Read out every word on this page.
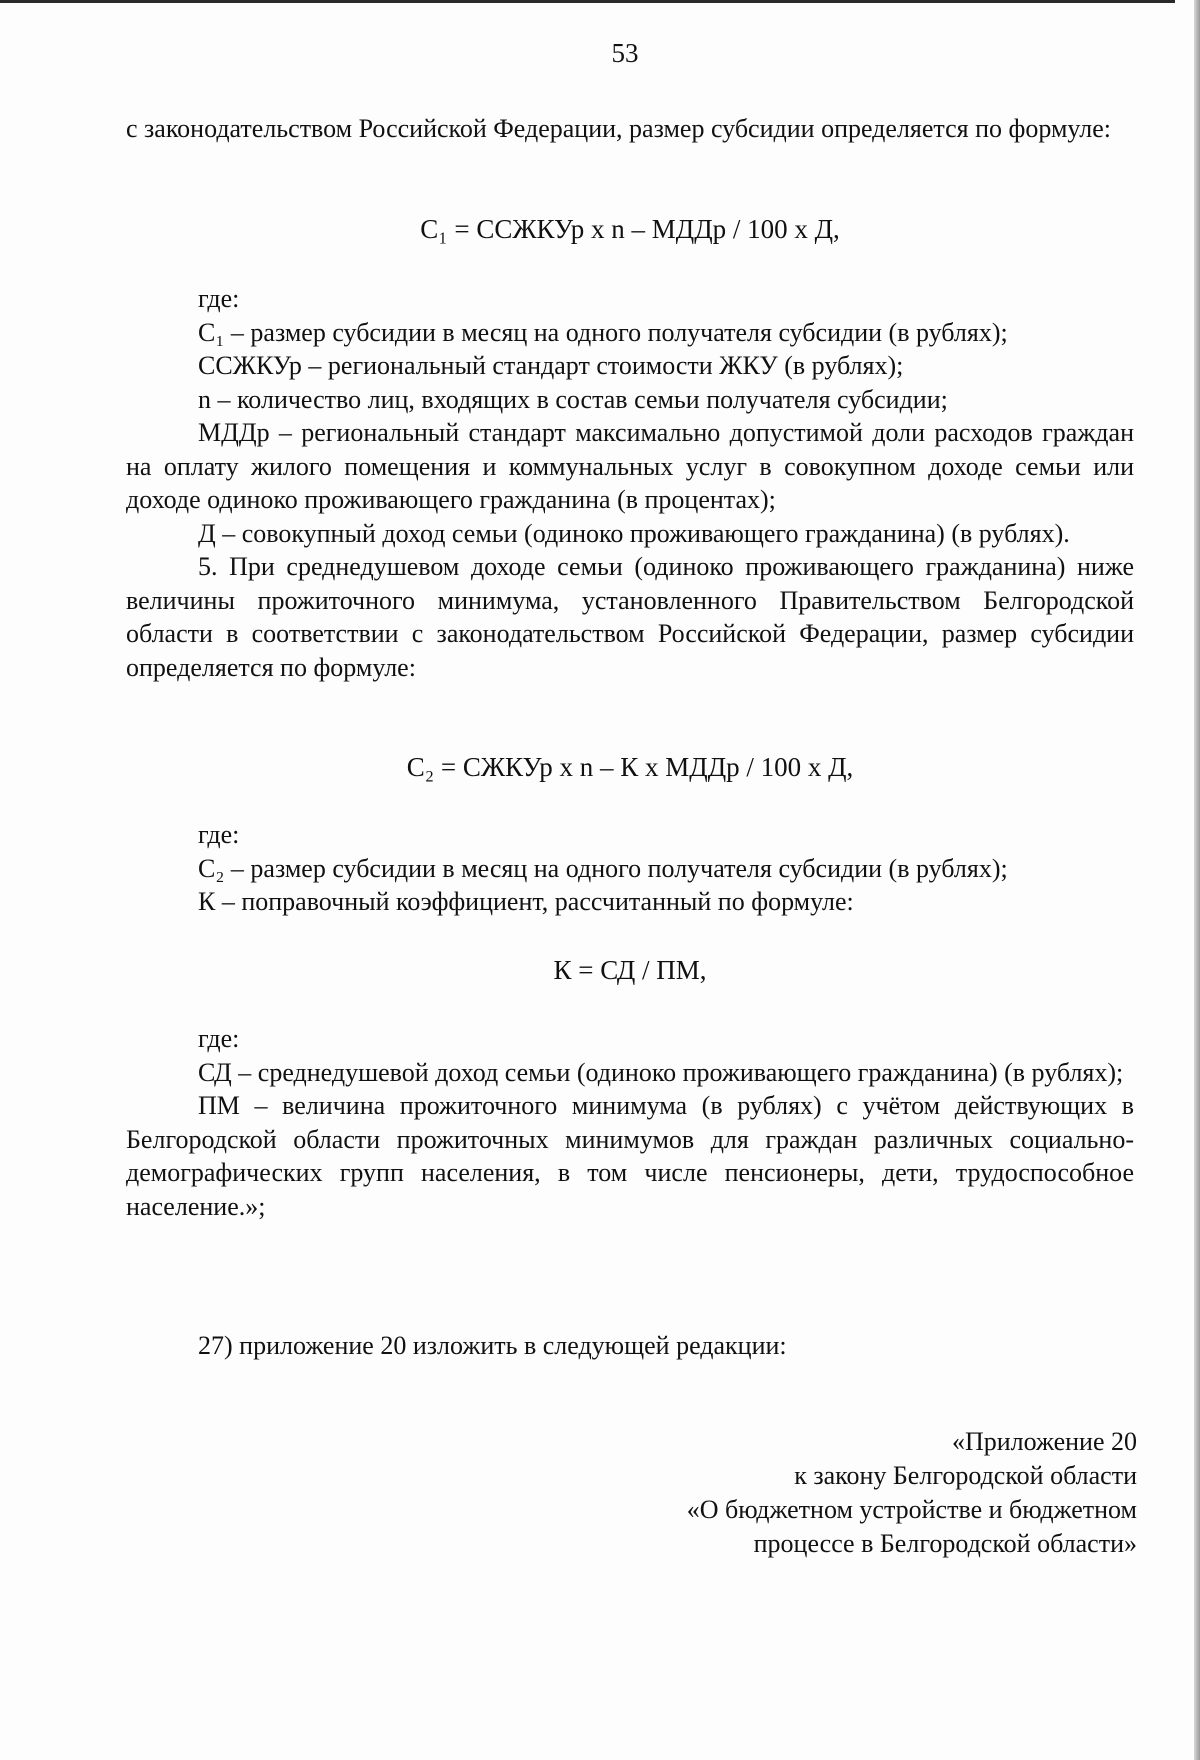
53

с законодательством Российской Федерации, размер субсидии определяется по формуле:

С₁ = ССЖКУр х n – МДДр / 100 х Д,

где:

С₁ – размер субсидии в месяц на одного получателя субсидии (в рублях);

ССЖКУр – региональный стандарт стоимости ЖКУ (в рублях);

n – количество лиц, входящих в состав семьи получателя субсидии;

МДДр – региональный стандарт максимально допустимой доли расходов граждан на оплату жилого помещения и коммунальных услуг в совокупном доходе семьи или доходе одиноко проживающего гражданина (в процентах);

Д – совокупный доход семьи (одиноко проживающего гражданина) (в рублях).

5. При среднедушевом доходе семьи (одиноко проживающего гражданина) ниже величины прожиточного минимума, установленного Правительством Белгородской области в соответствии с законодательством Российской Федерации, размер субсидии определяется по формуле:

С₂ = СЖКУр х n – К х МДДр / 100 х Д,

где:

С₂ – размер субсидии в месяц на одного получателя субсидии (в рублях);

К – поправочный коэффициент, рассчитанный по формуле:

К = СД / ПМ,

где:

СД – среднедушевой доход семьи (одиноко проживающего гражданина) (в рублях);

ПМ – величина прожиточного минимума (в рублях) с учётом действующих в Белгородской области прожиточных минимумов для граждан различных социально-демографических групп населения, в том числе пенсионеры, дети, трудоспособное население.»;

27) приложение 20 изложить в следующей редакции:

«Приложение 20
к закону Белгородской области
«О бюджетном устройстве и бюджетном
процессе в Белгородской области»
